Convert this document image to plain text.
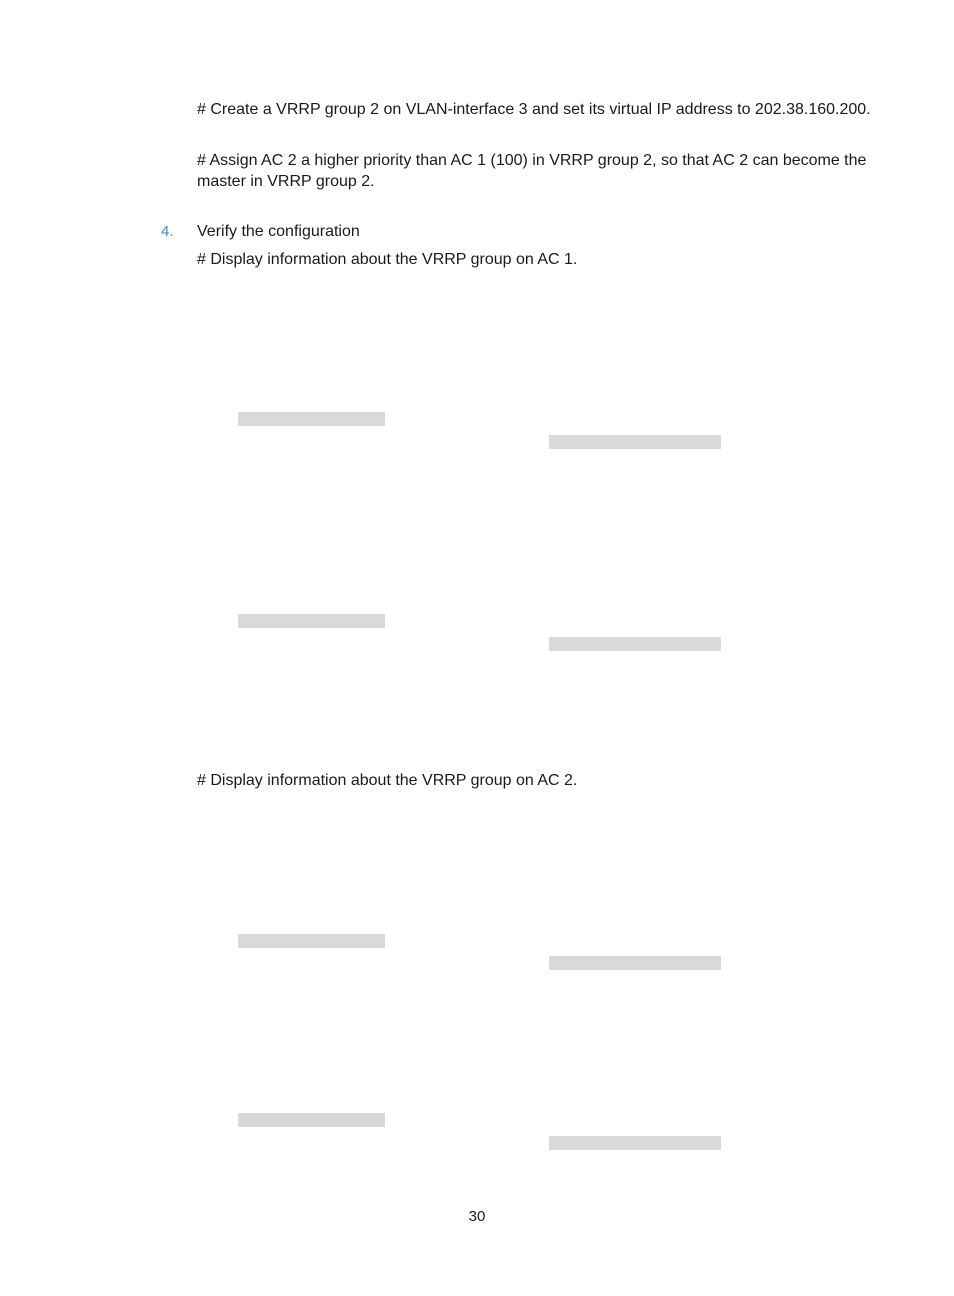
# Create a VRRP group 2 on VLAN-interface 3 and set its virtual IP address to 202.38.160.200.

# Assign AC 2 a higher priority than AC 1 (100) in VRRP group 2, so that AC 2 can become the master in VRRP group 2.

4. Verify the configuration

# Display information about the VRRP group on AC 1.

# Display information about the VRRP group on AC 2.

30
